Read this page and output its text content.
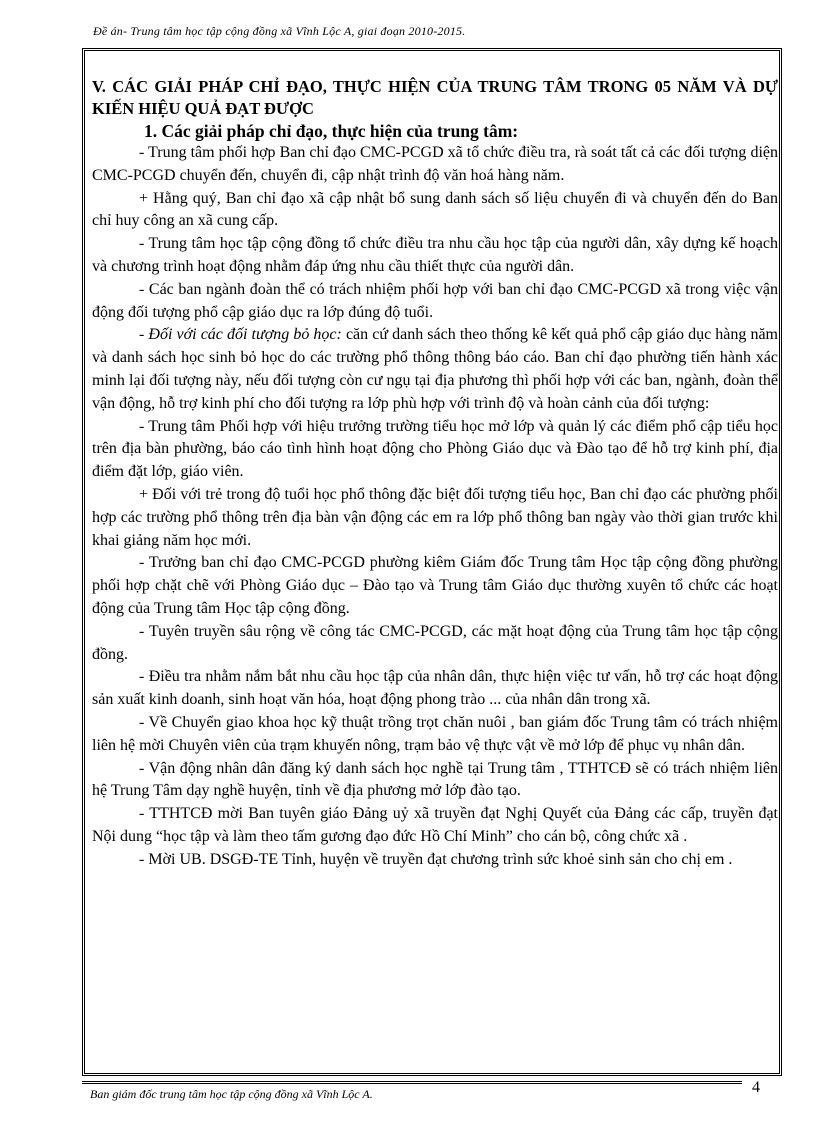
Đề án- Trung tâm học tập cộng đồng xã Vĩnh Lộc A, giai đoạn 2010-2015.

V. CÁC GIẢI PHÁP CHỈ ĐẠO, THỰC HIỆN CỦA TRUNG TÂM TRONG 05 NĂM VÀ DỰ KIẾN HIỆU QUẢ ĐẠT ĐƯỢC

1. Các giải pháp chỉ đạo, thực hiện của trung tâm:

- Trung tâm phối hợp Ban chỉ đạo CMC-PCGD xã tổ chức điều tra, rà soát tất cả các đối tượng diện CMC-PCGD chuyển đến, chuyển đi, cập nhật trình độ văn hoá hàng năm.

+ Hằng quý, Ban chỉ đạo xã cập nhật bổ sung danh sách số liệu chuyển đi và chuyển đến do Ban chỉ huy công an xã cung cấp.

- Trung tâm học tập cộng đồng tổ chức điều tra nhu cầu học tập của người dân, xây dựng kế hoạch và chương trình hoạt động nhằm đáp ứng nhu cầu thiết thực của người dân.

- Các ban ngành đoàn thể có trách nhiệm phối hợp với ban chỉ đạo CMC-PCGD xã trong việc vận động đối tượng phổ cập giáo dục ra lớp đúng độ tuổi.

- Đối với các đối tượng bỏ học: căn cứ danh sách theo thống kê kết quả phổ cập giáo dục hàng năm và danh sách học sinh bỏ học do các trường phổ thông thông báo cáo. Ban chỉ đạo phường tiến hành xác minh lại đối tượng này, nếu đối tượng còn cư ngụ tại địa phương thì phối hợp với các ban, ngành, đoàn thể vận động, hỗ trợ kinh phí cho đối tượng ra lớp phù hợp với trình độ và hoàn cảnh của đối tượng:

- Trung tâm Phối hợp với hiệu trưởng trường tiểu học mở lớp và quản lý các điểm phổ cập tiểu học trên địa bàn phường, báo cáo tình hình hoạt động cho Phòng Giáo dục và Đào tạo để hỗ trợ kinh phí, địa điểm đặt lớp, giáo viên.

+ Đối với trẻ trong độ tuổi học phổ thông đặc biệt đối tượng tiểu học, Ban chỉ đạo các phường phối hợp các trường phổ thông trên địa bàn vận động các em ra lớp phổ thông ban ngày vào thời gian trước khi khai giảng năm học mới.

- Trưởng ban chỉ đạo CMC-PCGD phường kiêm Giám đốc Trung tâm Học tập cộng đồng phường phối hợp chặt chẽ với Phòng Giáo dục – Đào tạo và Trung tâm Giáo dục thường xuyên tổ chức các hoạt động của Trung tâm Học tập cộng đồng.

- Tuyên truyền sâu rộng về công tác CMC-PCGD, các mặt hoạt động của Trung tâm học tập cộng đồng.

- Điều tra nhằm nắm bắt nhu cầu học tập của nhân dân, thực hiện việc tư vấn, hỗ trợ các hoạt động sản xuất kinh doanh, sinh hoạt văn hóa, hoạt động phong trào ... của nhân dân trong xã.

- Về Chuyển giao khoa học kỹ thuật trồng trọt chăn nuôi , ban giám đốc Trung tâm có trách nhiệm liên hệ mời Chuyên viên của trạm khuyến nông, trạm bảo vệ thực vật về mở lớp để phục vụ nhân dân.

- Vận động nhân dân đăng ký danh sách học nghề tại Trung tâm , TTHTCĐ sẽ có trách nhiệm liên hệ Trung Tâm dạy nghề huyện, tỉnh về địa phương mở lớp đào tạo.

- TTHTCĐ mời Ban tuyên giáo Đảng uỷ xã truyền đạt Nghị Quyết của Đảng các cấp, truyền đạt Nội dung “học tập và làm theo tấm gương đạo đức Hồ Chí Minh” cho cán bộ, công chức xã .

- Mời UB. DSGĐ-TE Tỉnh, huyện về truyền đạt chương trình sức khoẻ sinh sản cho chị em .

4
Ban giám đốc trung tâm học tập cộng đồng xã Vĩnh Lộc A.
